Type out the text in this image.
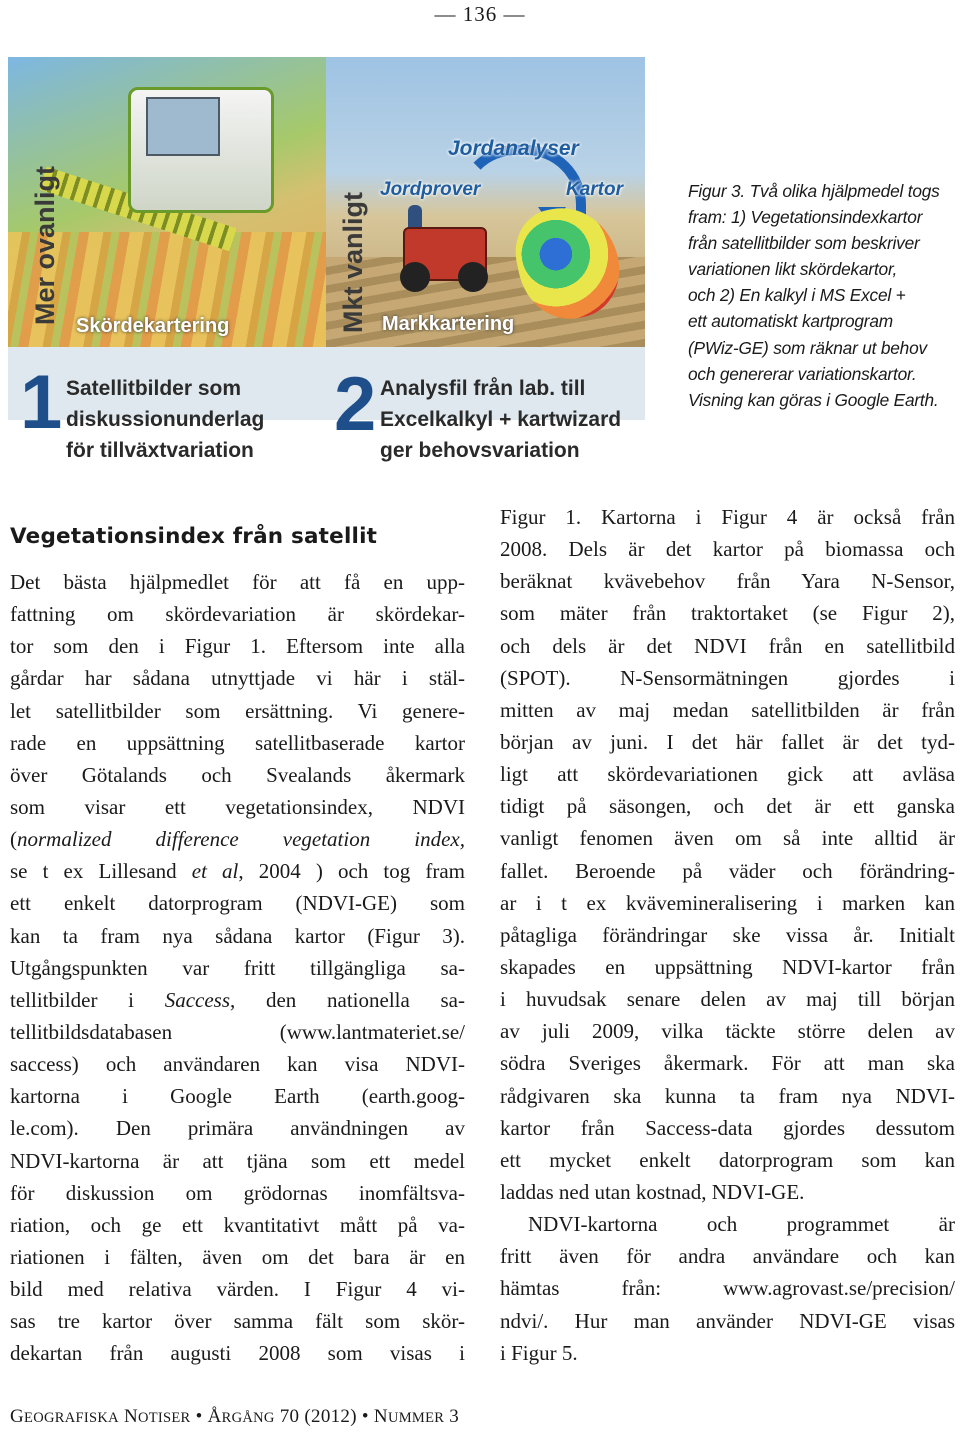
— 136 —
Mer ovanligt	Mkt vanligt
Jordanalyser
Jordprover	Kartor
Skördekartering	Markkartering
1	2
Satellitbilder som
diskussionunderlag
för tillväxtvariation
Analysfil från lab. till
Excelkalkyl + kartwizard
ger behovsvariation
Figur 3. Två olika hjälpmedel togs
fram: 1) Vegetationsindexkartor
från satellitbilder som beskriver
variationen likt skördekartor,
och 2) En kalkyl i MS Excel +
ett automatiskt kartprogram
(PWiz-GE) som räknar ut behov
och genererar variationskartor.
Visning kan göras i Google Earth.
Vegetationsindex från satellit
Det bästa hjälpmedlet för att få en upp-
fattning om skördevariation är skördekar-
tor som den i Figur 1. Eftersom inte alla
gårdar har sådana utnyttjade vi här i stäl-
let satellitbilder som ersättning. Vi genere-
rade en uppsättning satellitbaserade kartor
över Götalands och Svealands åkermark
som visar ett vegetationsindex, NDVI
(normalized difference vegetation index,
se t ex Lillesand et al, 2004 ) och tog fram
ett enkelt datorprogram (NDVI-GE) som
kan ta fram nya sådana kartor (Figur 3).
Utgångspunkten var fritt tillgängliga sa-
tellitbilder i Saccess, den nationella sa-
tellitbildsdatabasen (www.lantmateriet.se/
saccess) och användaren kan visa NDVI-
kartorna i Google Earth (earth.goog-
le.com). Den primära användningen av
NDVI-kartorna är att tjäna som ett medel
för diskussion om grödornas inomfältsva-
riation, och ge ett kvantitativt mått på va-
riationen i fälten, även om det bara är en
bild med relativa värden. I Figur 4 vi-
sas tre kartor över samma fält som skör-
dekartan från augusti 2008 som visas i
Figur 1. Kartorna i Figur 4 är också från
2008. Dels är det kartor på biomassa och
beräknat kvävebehov från Yara N-Sensor,
som mäter från traktortaket (se Figur 2),
och dels är det NDVI från en satellitbild
(SPOT). N-Sensormätningen gjordes i
mitten av maj medan satellitbilden är från
början av juni. I det här fallet är det tyd-
ligt att skördevariationen gick att avläsa
tidigt på säsongen, och det är ett ganska
vanligt fenomen även om så inte alltid är
fallet. Beroende på väder och förändring-
ar i t ex kvävemineralisering i marken kan
påtagliga förändringar ske vissa år. Initialt
skapades en uppsättning NDVI-kartor från
i huvudsak senare delen av maj till början
av juli 2009, vilka täckte större delen av
södra Sveriges åkermark. För att man ska
rådgivaren ska kunna ta fram nya NDVI-
kartor från Saccess-data gjordes dessutom
ett mycket enkelt datorprogram som kan
laddas ned utan kostnad, NDVI-GE.
NDVI-kartorna och programmet är
fritt även för andra användare och kan
hämtas från: www.agrovast.se/precision/
ndvi/. Hur man använder NDVI-GE visas
i Figur 5.
GEOGRAFISKA NOTISER • ÅRGÅNG 70 (2012) • NUMMER 3
